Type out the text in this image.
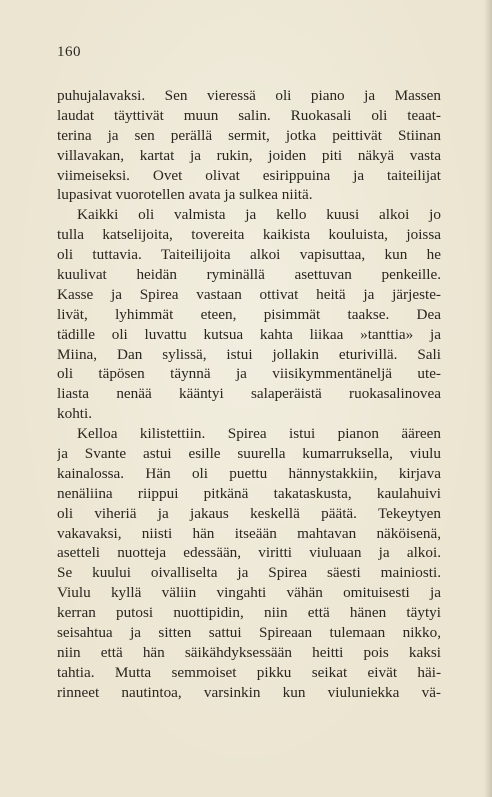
160
puhujalavaksi. Sen vieressä oli piano ja Massen
laudat täyttivät muun salin. Ruokasali oli teaat-
terina ja sen perällä sermit, jotka peittivät Stiinan
villavakan, kartat ja rukin, joiden piti näkyä vasta
viimeiseksi. Ovet olivat esirippuina ja taiteilijat
lupasivat vuorotellen avata ja sulkea niitä.
Kaikki oli valmista ja kello kuusi alkoi jo
tulla katselijoita, tovereita kaikista kouluista, joissa
oli tuttavia. Taiteilijoita alkoi vapisuttaa, kun he
kuulivat heidän ryminällä asettuvan penkeille.
Kasse ja Spirea vastaan ottivat heitä ja järjeste-
livät, lyhimmät eteen, pisimmät taakse. Dea
tädille oli luvattu kutsua kahta liikaa »tanttia» ja
Miina, Dan sylissä, istui jollakin eturivillä. Sali
oli täpösen täynnä ja viisikymmentäneljä ute-
liasta nenää kääntyi salaperäistä ruokasalinovea
kohti.
Kelloa kilistettiin. Spirea istui pianon ääreen
ja Svante astui esille suurella kumarruksella, viulu
kainalossa. Hän oli puettu hännystakkiin, kirjava
nenäliina riippui pitkänä takataskusta, kaulahuivi
oli viheriä ja jakaus keskellä päätä. Tekeytyen
vakavaksi, niisti hän itseään mahtavan näköisenä,
asetteli nuotteja edessään, viritti viuluaan ja alkoi.
Se kuului oivalliselta ja Spirea säesti mainiosti.
Viulu kyllä väliin vingahti vähän omituisesti ja
kerran putosi nuottipidin, niin että hänen täytyi
seisahtua ja sitten sattui Spireaan tulemaan nikko,
niin että hän säikähdyksessään heitti pois kaksi
tahtia. Mutta semmoiset pikku seikat eivät häi-
rinneet nautintoa, varsinkin kun viuluniekka vä-
